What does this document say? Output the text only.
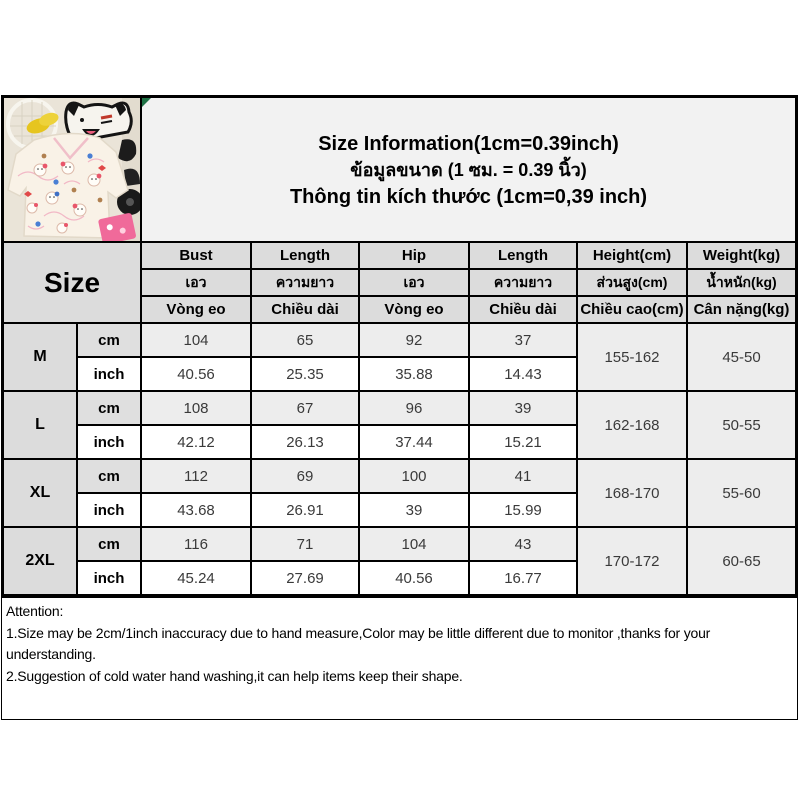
Size Information(1cm=0.39inch)
ข้อมูลขนาด (1 ซม. = 0.39 นิ้ว)
Thông tin kích thước (1cm=0,39 inch)					

Size		Bust	Length	Hip	Length	Height(cm)	Weight(kg)
		เอว	ความยาว	เอว	ความยาว	ส่วนสูง(cm)	น้ำหนัก(kg)
		Vòng eo	Chiều dài	Vòng eo	Chiều dài	Chiều cao(cm)	Cân nặng(kg)
M	cm	104	65	92	37	155-162	45-50
	inch	40.56	25.35	35.88	14.43		
L	cm	108	67	96	39	162-168	50-55
	inch	42.12	26.13	37.44	15.21		
XL	cm	112	69	100	41	168-170	55-60
	inch	43.68	26.91	39	15.99		
2XL	cm	116	71	104	43	170-172	60-65
	inch	45.24	27.69	40.56	16.77		
Attention:
1.Size may be 2cm/1inch inaccuracy due to hand measure,Color may be little different due to monitor ,thanks for your
understanding.
2.Suggestion of cold water hand washing,it can help items keep their shape.
